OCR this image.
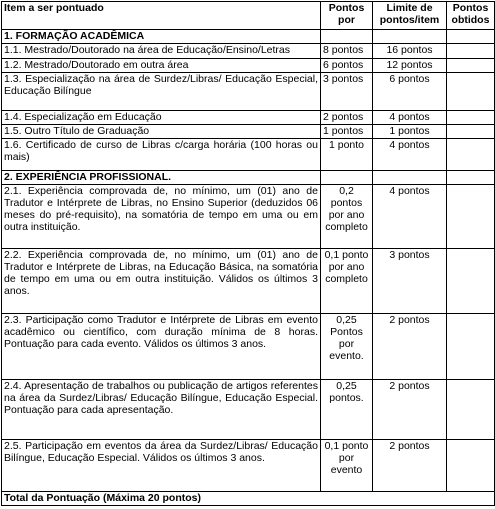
Item a ser pontuado	Pontos por	Limite de pontos/item	Pontos obtidos
1. FORMAÇÃO ACADÊMICA			
1.1. Mestrado/Doutorado na área de Educação/Ensino/Letras	8 pontos	16 pontos	
1.2. Mestrado/Doutorado em outra área	6 pontos	12 pontos	
1.3. Especialização na área de Surdez/Libras/ Educação Especial, Educação Bilíngue	3 pontos	6 pontos	
1.4. Especialização em Educação	2 pontos	4 pontos	
1.5. Outro Título de Graduação	1 pontos	1 pontos	
1.6. Certificado de curso de Libras c/carga horária (100 horas ou mais)	1 ponto	4 pontos	
2. EXPERIÊNCIA PROFISSIONAL.			
2.1. Experiência comprovada de, no mínimo, um (01) ano de Tradutor e Intérprete de Libras, no Ensino Superior (deduzidos 06 meses do pré-requisito), na somatória de tempo em uma ou em outra instituição.	0,2 pontos por ano completo	4 pontos	
2.2. Experiência comprovada de, no mínimo, um (01) ano de Tradutor e Intérprete de Libras, na Educação Básica, na somatória de tempo em uma ou em outra instituição. Válidos os últimos 3 anos.	0,1 ponto por ano completo	3 pontos	
2.3. Participação como Tradutor e Intérprete de Libras em evento acadêmico ou científico, com duração mínima de 8 horas. Pontuação para cada evento. Válidos os últimos 3 anos.	0,25 Pontos por evento.	2 pontos	
2.4. Apresentação de trabalhos ou publicação de artigos referentes na área da Surdez/Libras/ Educação Bilíngue, Educação Especial. Pontuação para cada apresentação.	0,25 pontos.	2 pontos	
2.5. Participação em eventos da área da Surdez/Libras/ Educação Bilíngue, Educação Especial. Válidos os últimos 3 anos.	0,1 ponto por evento	2 pontos	
Total da Pontuação (Máxima 20 pontos)			
